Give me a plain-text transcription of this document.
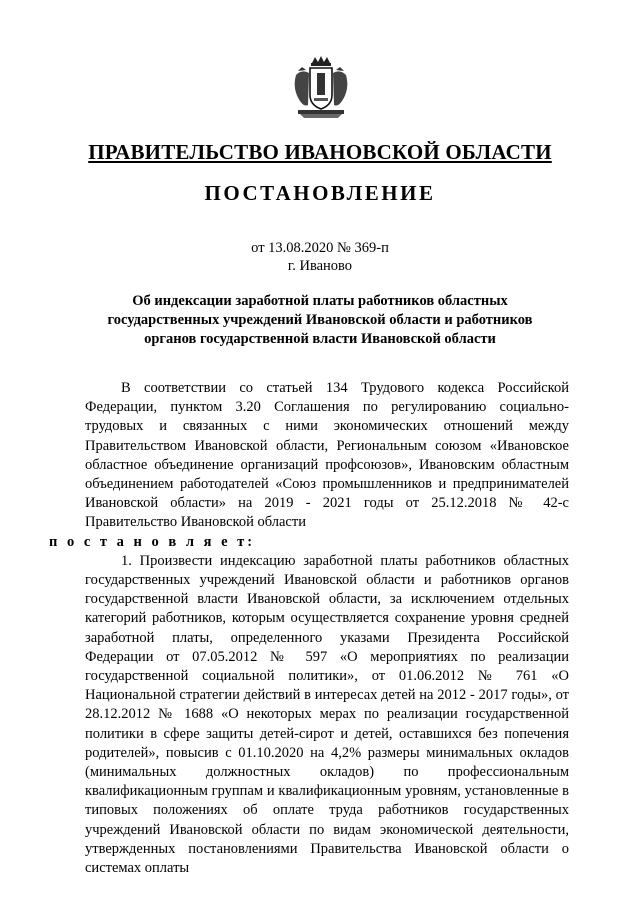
ПРАВИТЕЛЬСТВО ИВАНОВСКОЙ ОБЛАСТИ
ПОСТАНОВЛЕНИЕ
от 13.08.2020 № 369-п
г. Иваново
Об индексации заработной платы работников областных государственных учреждений Ивановской области и работников органов государственной власти Ивановской области

В соответствии со статьей 134 Трудового кодекса Российской Федерации, пунктом 3.20 Соглашения по регулированию социально-трудовых и связанных с ними экономических отношений между Правительством Ивановской области, Региональным союзом «Ивановское областное объединение организаций профсоюзов», Ивановским областным объединением работодателей «Союз промышленников и предпринимателей Ивановской области» на 2019 - 2021 годы от 25.12.2018 № 42-с Правительство Ивановской области
п о с т а н о в л я е т:

1. Произвести индексацию заработной платы работников областных государственных учреждений Ивановской области и работников органов государственной власти Ивановской области, за исключением отдельных категорий работников, которым осуществляется сохранение уровня средней заработной платы, определенного указами Президента Российской Федерации от 07.05.2012 № 597 «О мероприятиях по реализации государственной социальной политики», от 01.06.2012 № 761 «О Национальной стратегии действий в интересах детей на 2012 - 2017 годы», от 28.12.2012 № 1688 «О некоторых мерах по реализации государственной политики в сфере защиты детей-сирот и детей, оставшихся без попечения родителей», повысив с 01.10.2020 на 4,2% размеры минимальных окладов (минимальных должностных окладов) по профессиональным квалификационным группам и квалификационным уровням, установленные в типовых положениях об оплате труда работников государственных учреждений Ивановской области по видам экономической деятельности, утвержденных постановлениями Правительства Ивановской области о системах оплаты
